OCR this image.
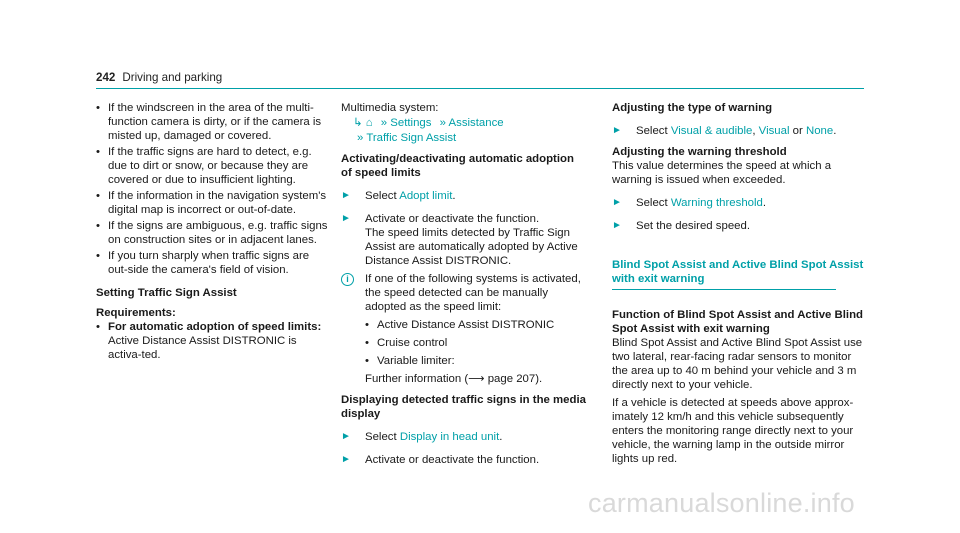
242 Driving and parking
• If the windscreen in the area of the multi-function camera is dirty, or if the camera is misted up, damaged or covered.
• If the traffic signs are hard to detect, e.g. due to dirt or snow, or because they are covered or due to insufficient lighting.
• If the information in the navigation system's digital map is incorrect or out-of-date.
• If the signs are ambiguous, e.g. traffic signs on construction sites or in adjacent lanes.
• If you turn sharply when traffic signs are out-side the camera's field of vision.
Setting Traffic Sign Assist
Requirements:
• For automatic adoption of speed limits:
Active Distance Assist DISTRONIC is activa-ted.
Multimedia system:
↳ ⌂ » Settings » Assistance
» Traffic Sign Assist
Activating/deactivating automatic adoption of speed limits
► Select Adopt limit.
► Activate or deactivate the function.
The speed limits detected by Traffic Sign Assist are automatically adopted by Active Distance Assist DISTRONIC.
i	If one of the following systems is activated, the speed detected can be manually adopted as the speed limit:
• Active Distance Assist DISTRONIC
• Cruise control
• Variable limiter:
Further information (⟶ page 207).
Displaying detected traffic signs in the media display
► Select Display in head unit.
► Activate or deactivate the function.
Adjusting the type of warning
► Select Visual & audible, Visual or None.
Adjusting the warning threshold
This value determines the speed at which a warning is issued when exceeded.
► Select Warning threshold.
► Set the desired speed.
Blind Spot Assist and Active Blind Spot Assist with exit warning
Function of Blind Spot Assist and Active Blind Spot Assist with exit warning
Blind Spot Assist and Active Blind Spot Assist use two lateral, rear-facing radar sensors to monitor the area up to 40 m behind your vehicle and 3 m directly next to your vehicle.
If a vehicle is detected at speeds above approx-imately 12 km/h and this vehicle subsequently enters the monitoring range directly next to your vehicle, the warning lamp in the outside mirror lights up red.
carmanualsonline.info
